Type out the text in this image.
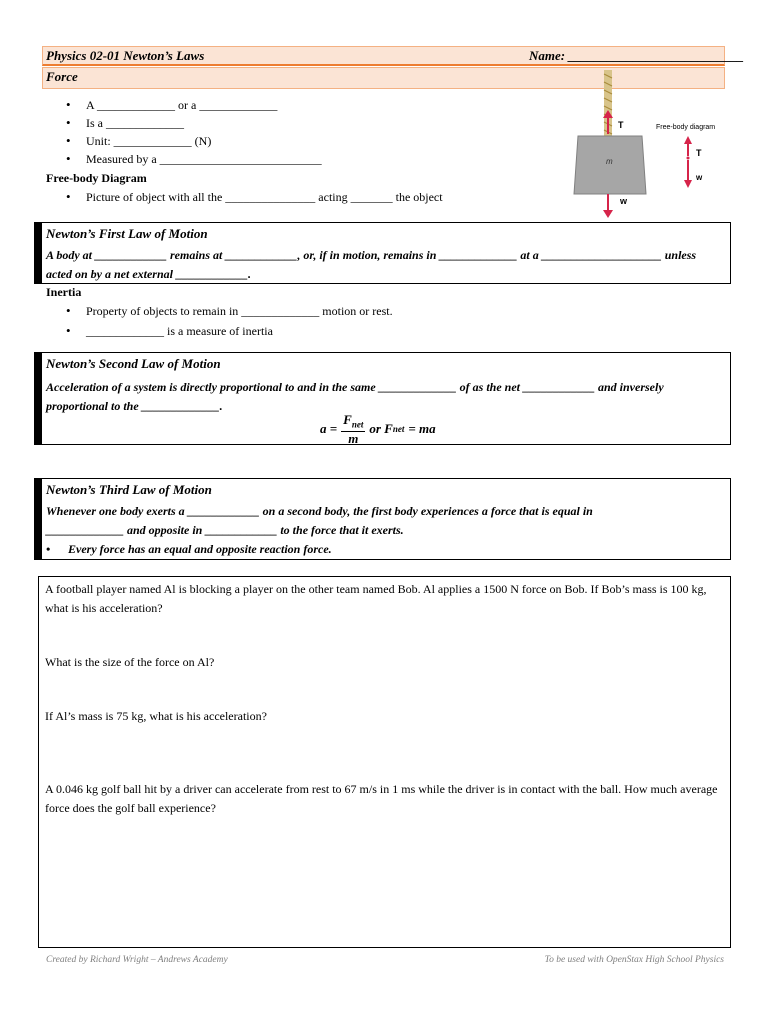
Physics 02-01 Newton’s Laws	Name: ___________________________
Force
• A _____________ or a _____________
• Is a _____________
• Unit: _____________ (N)
• Measured by a ___________________________
Free-body Diagram
• Picture of object with all the _______________ acting _______ the object
T
m
w
Free-body diagram
T
w
Newton’s First Law of Motion
A body at ____________ remains at ____________, or, if in motion, remains in _____________ at a ____________________ unless
acted on by a net external ____________.
Inertia
• Property of objects to remain in _____________ motion or rest.
• _____________ is a measure of inertia
Newton’s Second Law of Motion
Acceleration of a system is directly proportional to and in the same _____________ of as the net ____________ and inversely
proportional to the _____________.
a =
$F_{net}$
m
or F net = ma
Newton’s Third Law of Motion
Whenever one body exerts a ____________ on a second body, the first body experiences a force that is equal in
_____________ and opposite in ____________ to the force that it exerts.
• Every force has an equal and opposite reaction force.
A football player named Al is blocking a player on the other team named Bob. Al applies a 1500 N force on Bob. If Bob’s mass is 100 kg, what is his acceleration?
What is the size of the force on Al?
If Al’s mass is 75 kg, what is his acceleration?
A 0.046 kg golf ball hit by a driver can accelerate from rest to 67 m/s in 1 ms while the driver is in contact with the ball. How much average force does the golf ball experience?
Created by Richard Wright – Andrews Academy	To be used with OpenStax High School Physics
